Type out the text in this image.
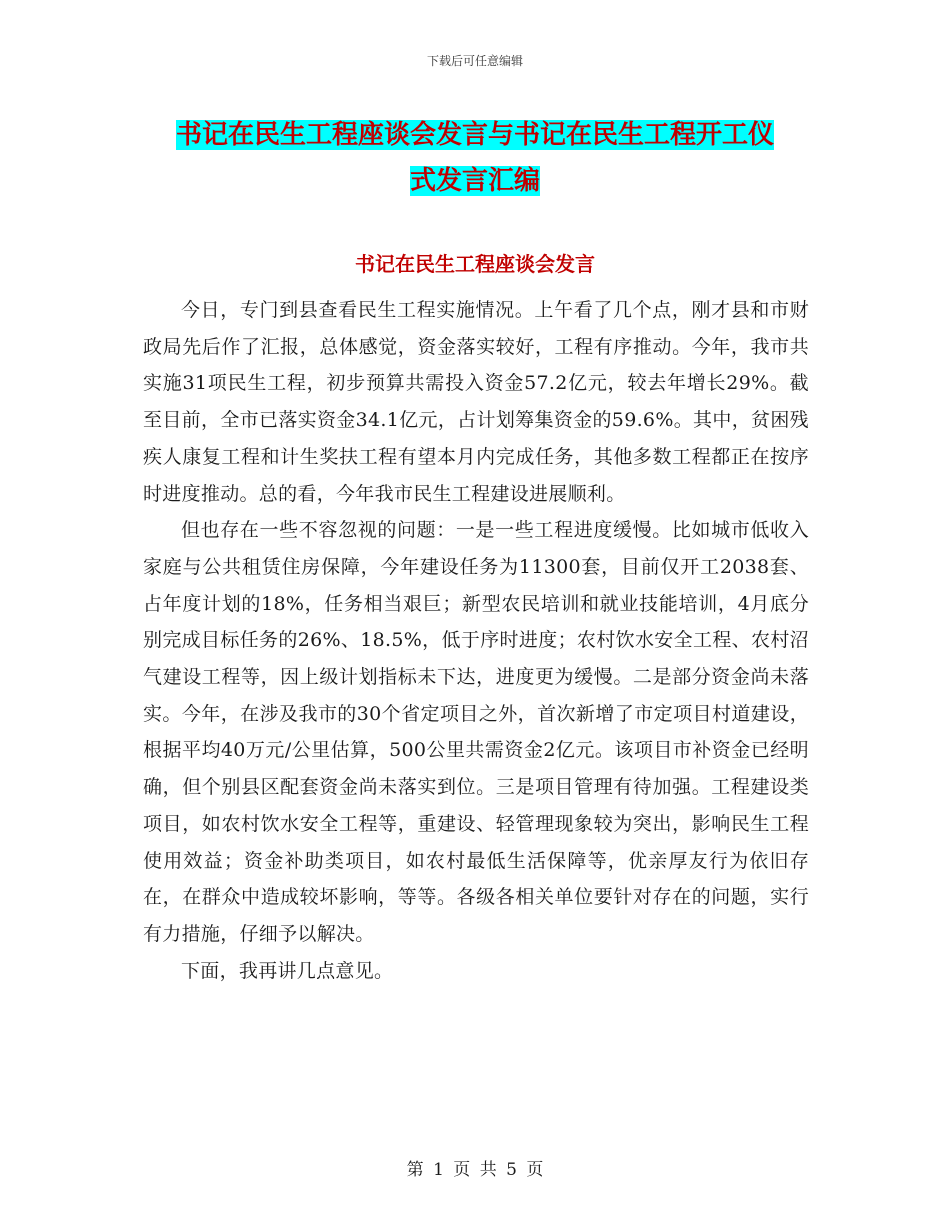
下载后可任意编辑
书记在民生工程座谈会发言与书记在民生工程开工仪
式发言汇编
书记在民生工程座谈会发言

今日，专门到县查看民生工程实施情况。上午看了几个点，刚才县和市财政局先后作了汇报，总体感觉，资金落实较好，工程有序推动。今年，我市共实施31项民生工程，初步预算共需投入资金57.2亿元，较去年增长29%。截至目前，全市已落实资金34.1亿元，占计划筹集资金的59.6%。其中，贫困残疾人康复工程和计生奖扶工程有望本月内完成任务，其他多数工程都正在按序时进度推动。总的看，今年我市民生工程建设进展顺利。

但也存在一些不容忽视的问题：一是一些工程进度缓慢。比如城市低收入家庭与公共租赁住房保障，今年建设任务为11300套，目前仅开工2038套、占年度计划的18%，任务相当艰巨；新型农民培训和就业技能培训，4月底分别完成目标任务的26%、18.5%，低于序时进度；农村饮水安全工程、农村沼气建设工程等，因上级计划指标未下达，进度更为缓慢。二是部分资金尚未落实。今年，在涉及我市的30个省定项目之外，首次新增了市定项目村道建设，根据平均40万元/公里估算，500公里共需资金2亿元。该项目市补资金已经明确，但个别县区配套资金尚未落实到位。三是项目管理有待加强。工程建设类项目，如农村饮水安全工程等，重建设、轻管理现象较为突出，影响民生工程使用效益；资金补助类项目，如农村最低生活保障等，优亲厚友行为依旧存在，在群众中造成较坏影响，等等。各级各相关单位要针对存在的问题，实行有力措施，仔细予以解决。

下面，我再讲几点意见。

第 1 页 共 5 页
